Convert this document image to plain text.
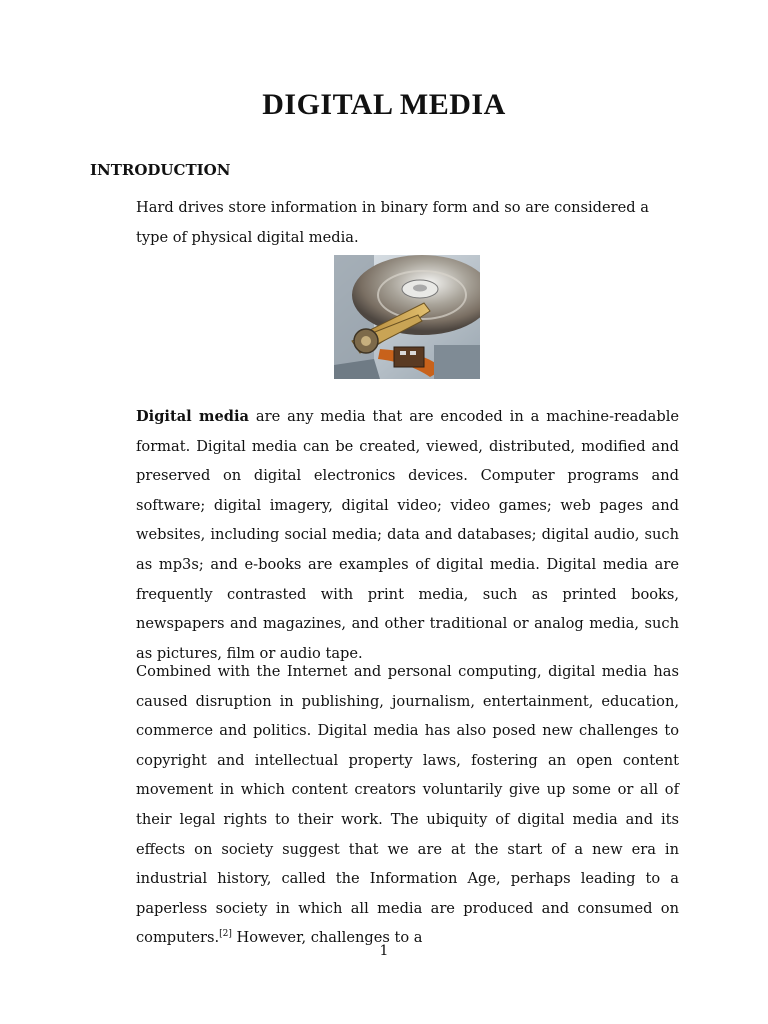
DIGITAL MEDIA
INTRODUCTION

Hard drives store information in binary form and so are considered a type of physical digital media.

Digital media are any media that are encoded in a machine-readable format. Digital media can be created, viewed, distributed, modified and preserved on digital electronics devices. Computer programs and software; digital imagery, digital video; video games; web pages and websites, including social media; data and databases; digital audio, such as mp3s; and e-books are examples of digital media. Digital media are frequently contrasted with print media, such as printed books, newspapers and magazines, and other traditional or analog media, such as pictures, film or audio tape.

Combined with the Internet and personal computing, digital media has caused disruption in publishing, journalism, entertainment, education, commerce and politics. Digital media has also posed new challenges to copyright and intellectual property laws, fostering an open content movement in which content creators voluntarily give up some or all of their legal rights to their work. The ubiquity of digital media and its effects on society suggest that we are at the start of a new era in industrial history, called the Information Age, perhaps leading to a paperless society in which all media are produced and consumed on computers.[2] However, challenges to a

1
